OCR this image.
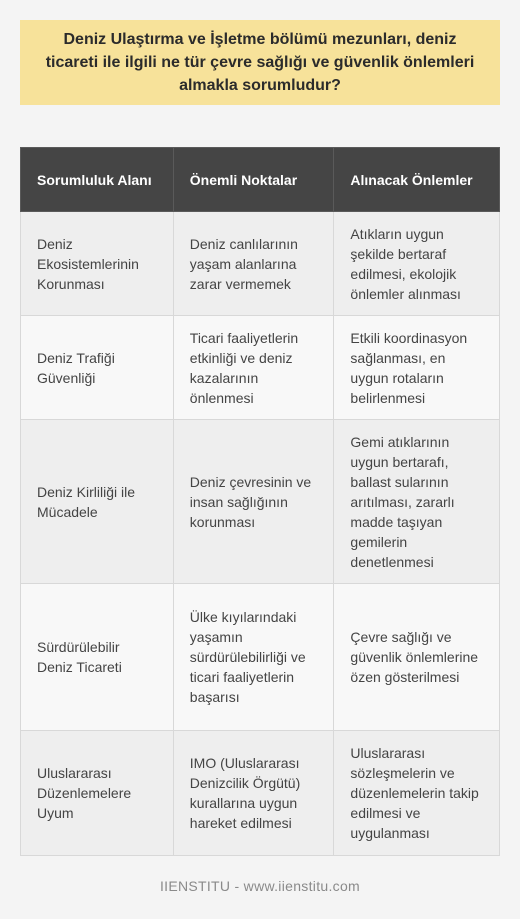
Deniz Ulaştırma ve İşletme bölümü mezunları, deniz ticareti ile ilgili ne tür çevre sağlığı ve güvenlik önlemleri almakla sorumludur?
Sorumluluk Alanı	Önemli Noktalar	Alınacak Önlemler
Deniz Ekosistemlerinin Korunması	Deniz canlılarının yaşam alanlarına zarar vermemek	Atıkların uygun şekilde bertaraf edilmesi, ekolojik önlemler alınması
Deniz Trafiği Güvenliği	Ticari faaliyetlerin etkinliği ve deniz kazalarının önlenmesi	Etkili koordinasyon sağlanması, en uygun rotaların belirlenmesi
Deniz Kirliliği ile Mücadele	Deniz çevresinin ve insan sağlığının korunması	Gemi atıklarının uygun bertarafı, ballast sularının arıtılması, zararlı madde taşıyan gemilerin denetlenmesi
Sürdürülebilir Deniz Ticareti	Ülke kıyılarındaki yaşamın sürdürülebilirliği ve ticari faaliyetlerin başarısı	Çevre sağlığı ve güvenlik önlemlerine özen gösterilmesi
Uluslararası Düzenlemelere Uyum	IMO (Uluslararası Denizcilik Örgütü) kurallarına uygun hareket edilmesi	Uluslararası sözleşmelerin ve düzenlemelerin takip edilmesi ve uygulanması
IIENSTITU - www.iienstitu.com
